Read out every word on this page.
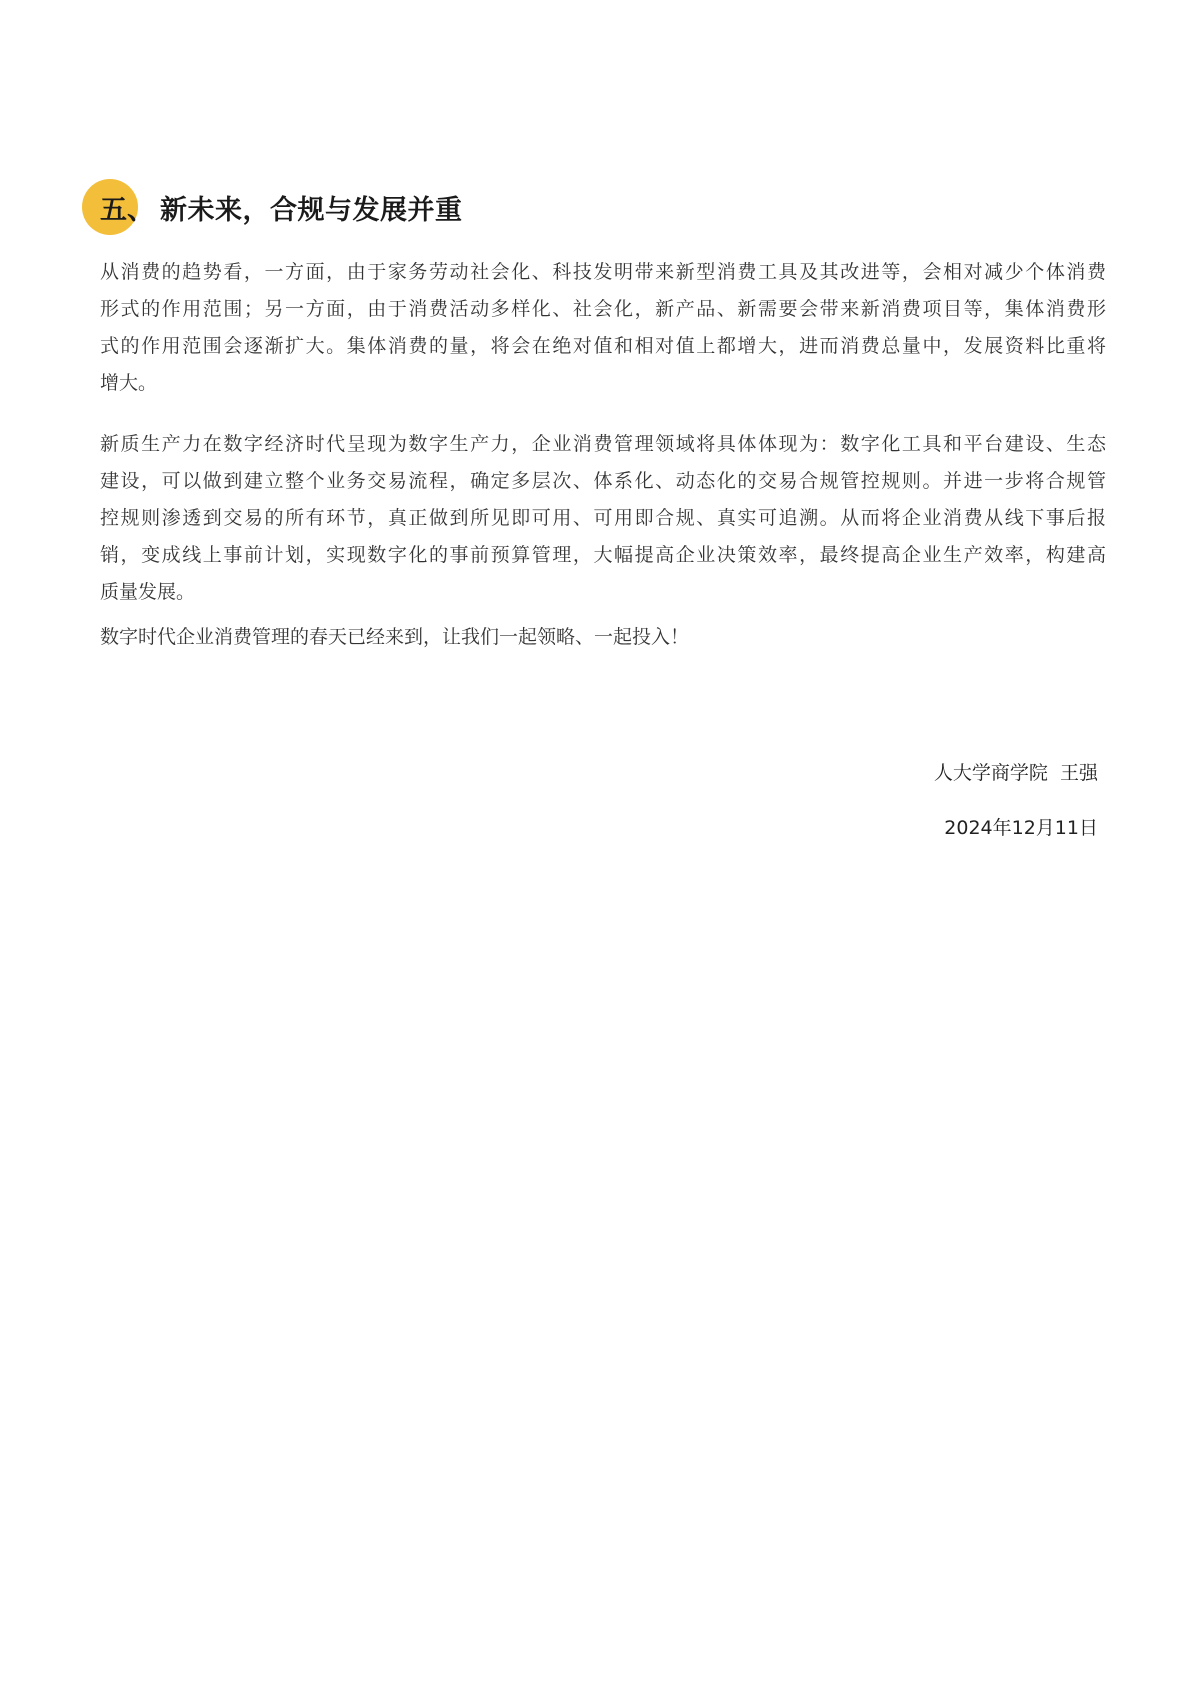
五、 新未来，合规与发展并重
从消费的趋势看，一方面，由于家务劳动社会化、科技发明带来新型消费工具及其改进等，会相对减少个体消费
形式的作用范围；另一方面，由于消费活动多样化、社会化，新产品、新需要会带来新消费项目等，集体消费形
式的作用范围会逐渐扩大。集体消费的量，将会在绝对值和相对值上都增大，进而消费总量中，发展资料比重将
增大。
新质生产力在数字经济时代呈现为数字生产力，企业消费管理领域将具体体现为：数字化工具和平台建设、生态
建设，可以做到建立整个业务交易流程，确定多层次、体系化、动态化的交易合规管控规则。并进一步将合规管
控规则渗透到交易的所有环节，真正做到所见即可用、可用即合规、真实可追溯。从而将企业消费从线下事后报
销，变成线上事前计划，实现数字化的事前预算管理，大幅提高企业决策效率，最终提高企业生产效率，构建高
质量发展。
数字时代企业消费管理的春天已经来到，让我们一起领略、一起投入！
人大学商学院  王强
2024年12月11日
